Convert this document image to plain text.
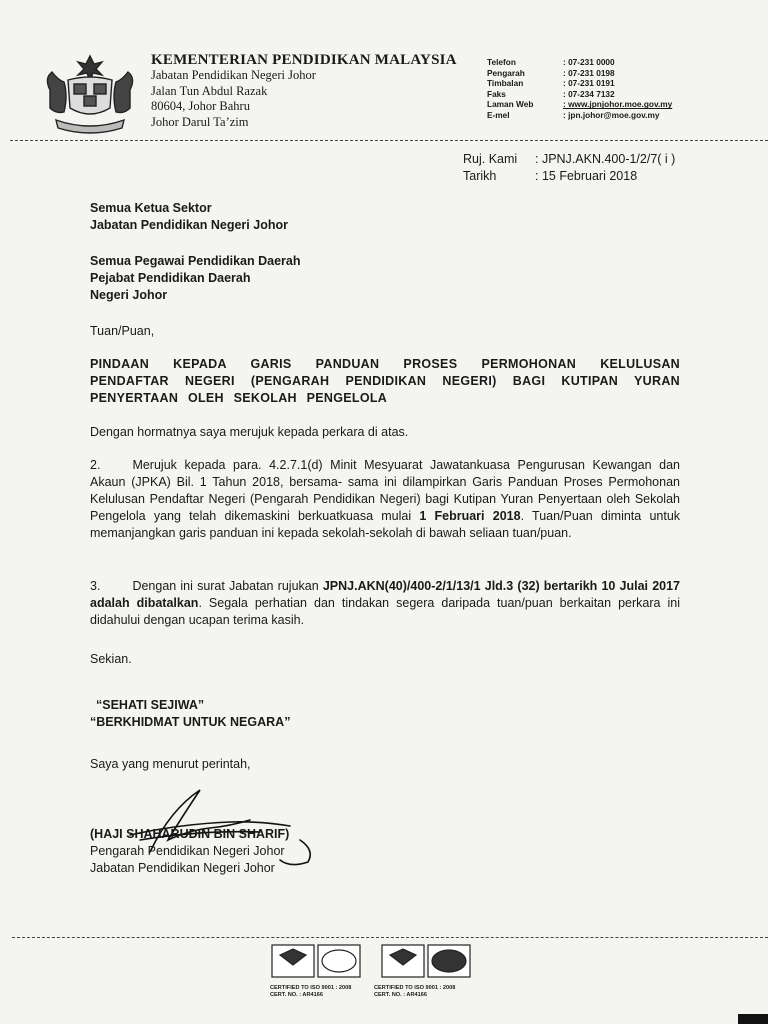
KEMENTERIAN PENDIDIKAN MALAYSIA
Jabatan Pendidikan Negeri Johor
Jalan Tun Abdul Razak
80604, Johor Bahru
Johor Darul Ta’zim
Telefon	: 07-231 0000
Pengarah	: 07-231 0198
Timbalan	: 07-231 0191
Faks	: 07-234 7132
Laman Web	: www.jpnjohor.moe.gov.my
E-mel	: jpn.johor@moe.gov.my
Ruj. Kami	: JPNJ.AKN.400-1/2/7( i )
Tarikh	: 15 Februari 2018
Semua Ketua Sektor
Jabatan Pendidikan Negeri Johor
Semua Pegawai Pendidikan Daerah
Pejabat Pendidikan Daerah
Negeri Johor
Tuan/Puan,
PINDAAN KEPADA GARIS PANDUAN PROSES PERMOHONAN KELULUSAN PENDAFTAR NEGERI (PENGARAH PENDIDIKAN NEGERI) BAGI KUTIPAN YURAN PENYERTAAN OLEH SEKOLAH PENGELOLA
Dengan hormatnya saya merujuk kepada perkara di atas.
2.	Merujuk kepada para. 4.2.7.1(d) Minit Mesyuarat Jawatankuasa Pengurusan Kewangan dan Akaun (JPKA) Bil. 1 Tahun 2018, bersama- sama ini dilampirkan Garis Panduan Proses Permohonan Kelulusan Pendaftar Negeri (Pengarah Pendidikan Negeri) bagi Kutipan Yuran Penyertaan oleh Sekolah Pengelola yang telah dikemaskini berkuatkuasa mulai 1 Februari 2018. Tuan/Puan diminta untuk memanjangkan garis panduan ini kepada sekolah-sekolah di bawah seliaan tuan/puan.
3.	Dengan ini surat Jabatan rujukan JPNJ.AKN(40)/400-2/1/13/1 Jld.3 (32) bertarikh 10 Julai 2017 adalah dibatalkan. Segala perhatian dan tindakan segera daripada tuan/puan berkaitan perkara ini didahului dengan ucapan terima kasih.
Sekian.
“SEHATI SEJIWA”
“BERKHIDMAT UNTUK NEGARA”
Saya yang menurut perintah,
(HAJI SHAHARUDIN BIN SHARIF)
Pengarah Pendidikan Negeri Johor
Jabatan Pendidikan Negeri Johor
CERTIFIED TO ISO 9001 : 2008
CERT. NO. : AR4166CERTIFIED TO ISO 9001 : 2008
CERT. NO. : AR4166
